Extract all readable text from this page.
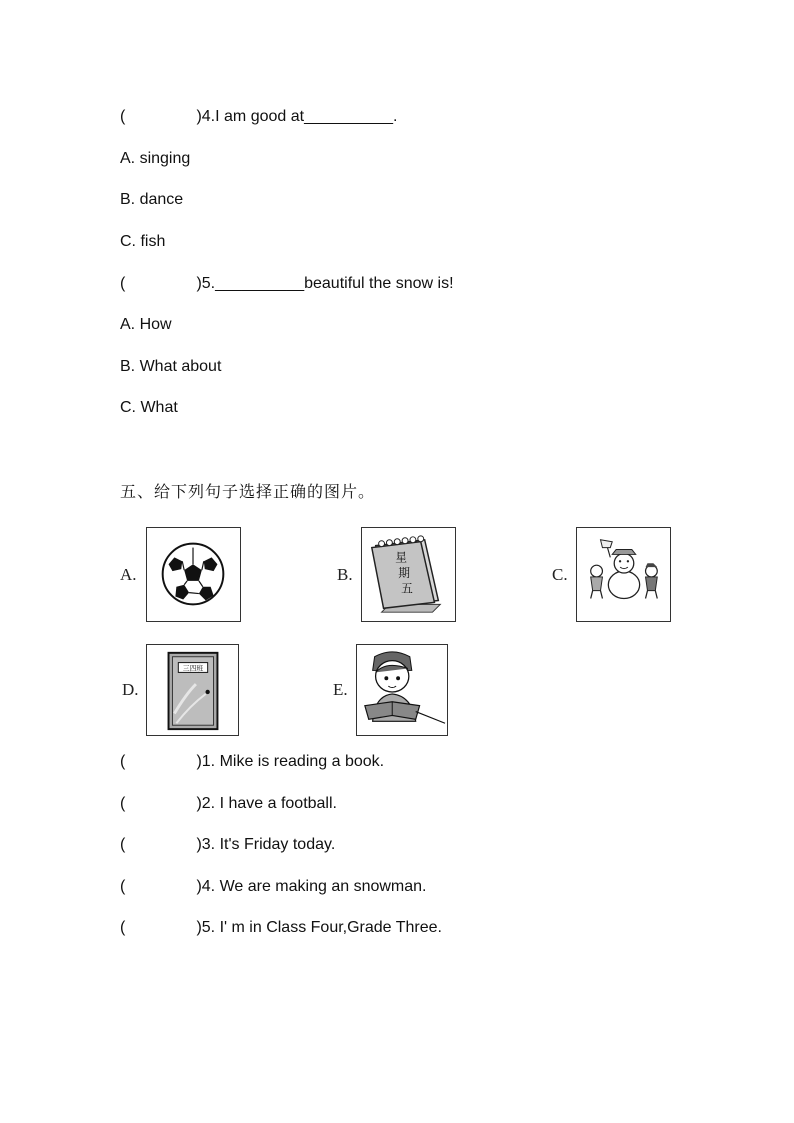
(                )4.I am good at__________.
A. singing
B. dance
C. fish
(                )5.__________beautiful the snow is!
A. How
B. What about
C. What
五、给下列句子选择正确的图片。
A.	B.
星
期
五
C.
D.
三四班
E.
(                )1. Mike is reading a book.
(                )2. I have a football.
(                )3. It's Friday today.
(                )4. We are making an snowman.
(                )5. I' m in Class Four,Grade Three.
